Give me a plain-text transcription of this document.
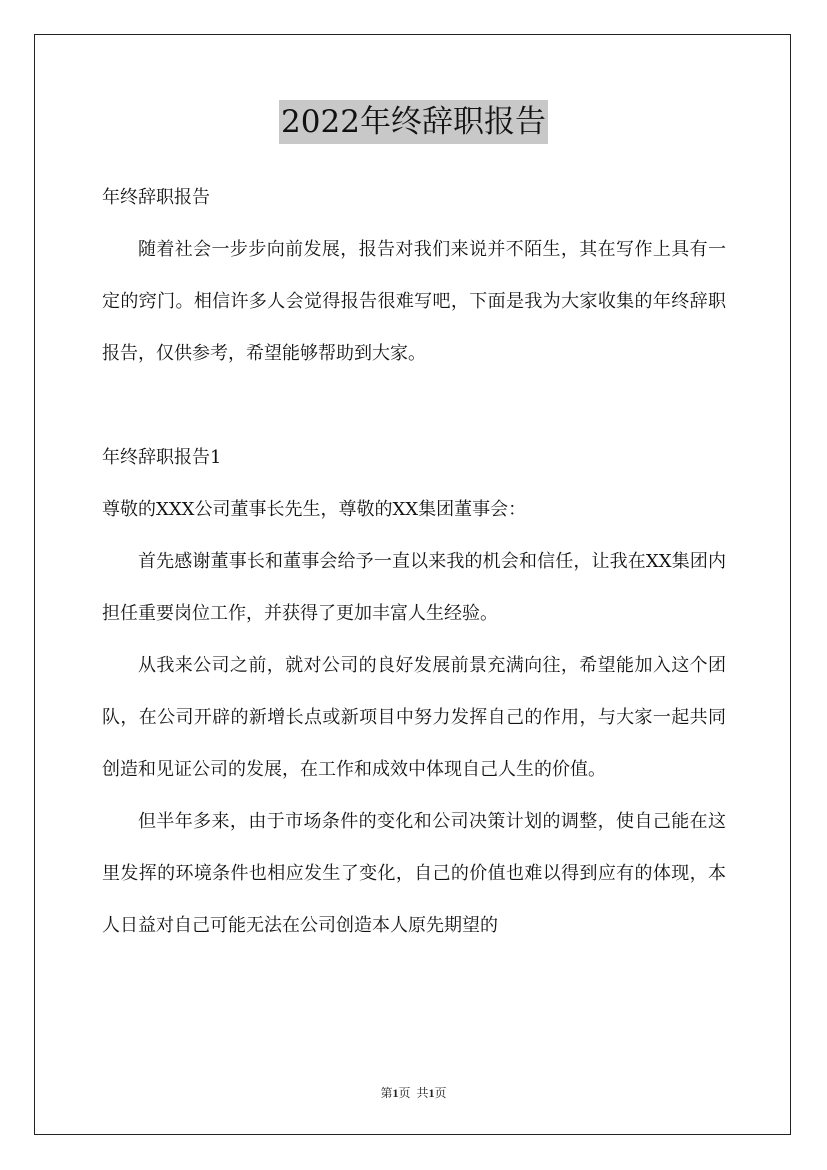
2022年终辞职报告

年终辞职报告

随着社会一步步向前发展，报告对我们来说并不陌生，其在写作上具有一定的窍门。相信许多人会觉得报告很难写吧，下面是我为大家收集的年终辞职报告，仅供参考，希望能够帮助到大家。

年终辞职报告1

尊敬的XXX公司董事长先生，尊敬的XX集团董事会：

首先感谢董事长和董事会给予一直以来我的机会和信任，让我在XX集团内担任重要岗位工作，并获得了更加丰富人生经验。

从我来公司之前，就对公司的良好发展前景充满向往，希望能加入这个团队，在公司开辟的新增长点或新项目中努力发挥自己的作用，与大家一起共同创造和见证公司的发展，在工作和成效中体现自己人生的价值。

但半年多来，由于市场条件的变化和公司决策计划的调整，使自己能在这里发挥的环境条件也相应发生了变化，自己的价值也难以得到应有的体现，本人日益对自己可能无法在公司创造本人原先期望的

第1页  共1页
